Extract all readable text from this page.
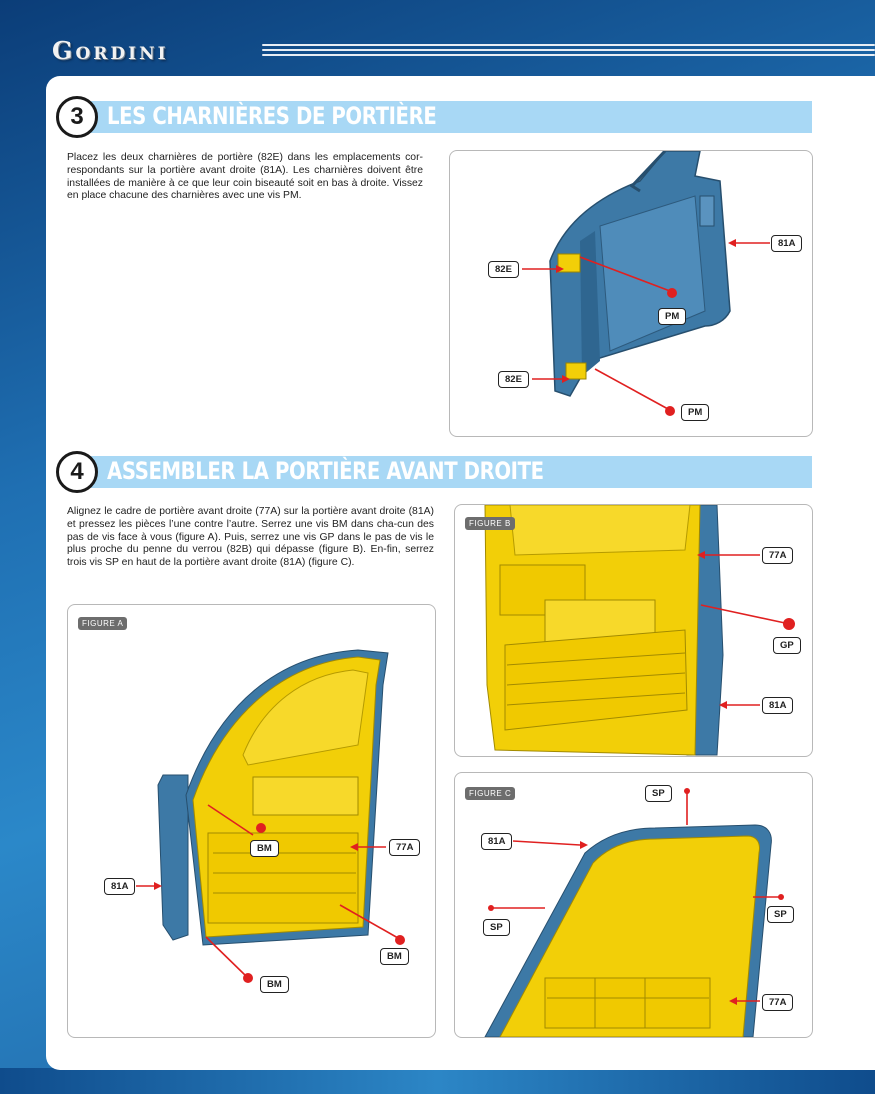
Gordini
3 LES CHARNIÈRES DE PORTIÈRE
Placez les deux charnières de portière (82E) dans les emplacements cor-respondants sur la portière avant droite (81A). Les charnières doivent être installées de manière à ce que leur coin biseauté soit en bas à droite. Vissez en place chacune des charnières avec une vis PM.
81A
82E
PM
82E
PM
4 ASSEMBLER LA PORTIÈRE AVANT DROITE
Alignez le cadre de portière avant droite (77A) sur la portière avant droite (81A) et pressez les pièces l’une contre l’autre. Serrez une vis BM dans cha-cun des pas de vis face à vous (figure A). Puis, serrez une vis GP dans le pas de vis le plus proche du penne du verrou (82B) qui dépasse (figure B). En-fin, serrez trois vis SP en haut de la portière avant droite (81A) (figure C).
FIGURE A
BM	77A
81A
BM
BM
FIGURE B
77A
GP
81A
FIGURE C	SP
81A
SP
SP
77A
